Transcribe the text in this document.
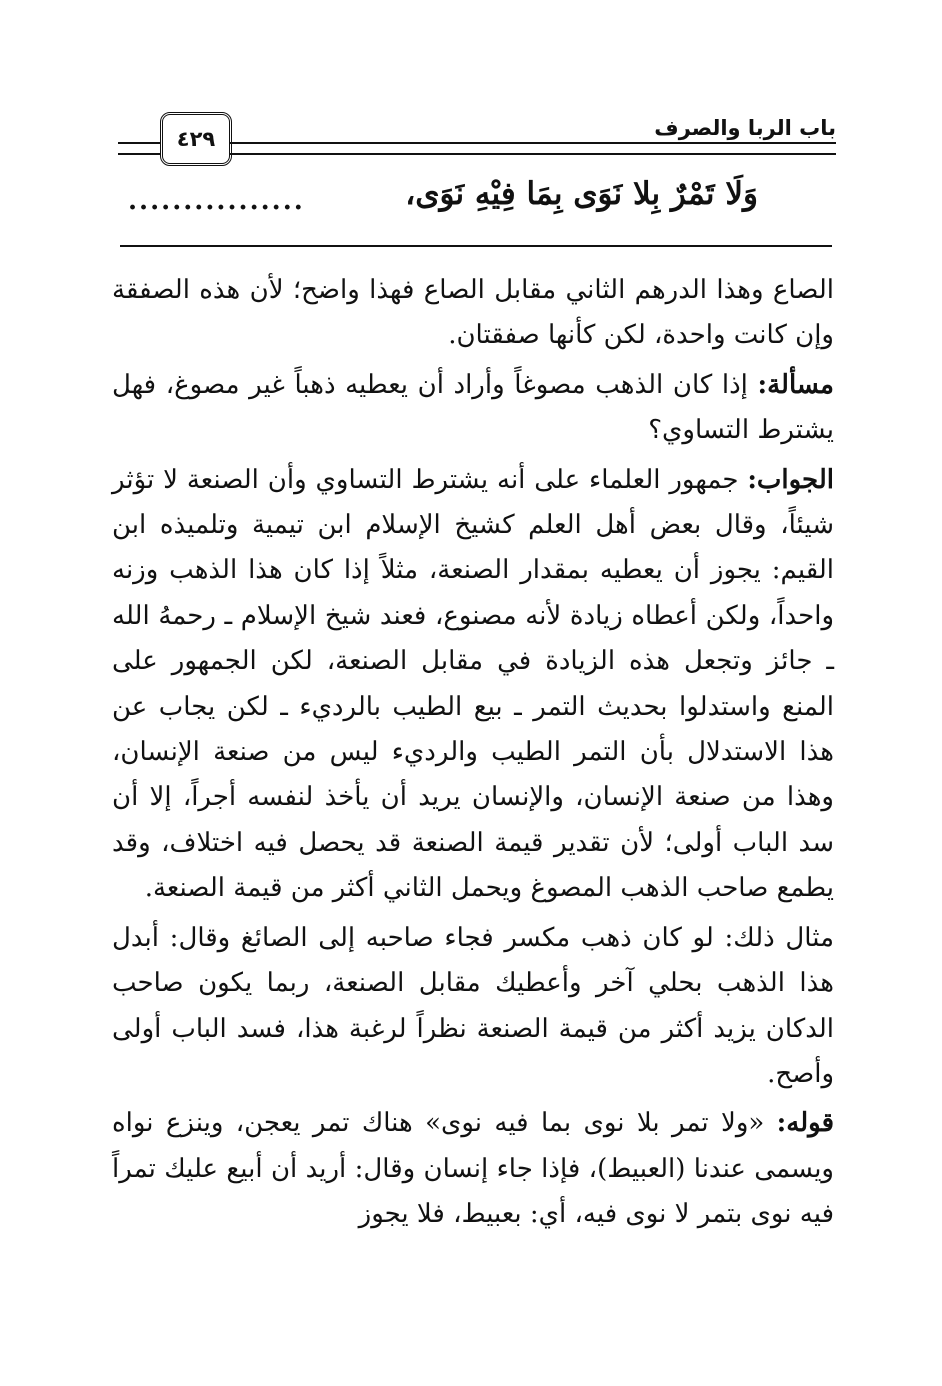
٤٢٩	باب الربا والصرف
وَلَا تَمْرٌ بِلا نَوَى بِمَا فِيْهِ نَوَى،
................

الصاع وهذا الدرهم الثاني مقابل الصاع فهذا واضح؛ لأن هذه الصفقة وإن كانت واحدة، لكن كأنها صفقتان.

مسألة: إذا كان الذهب مصوغاً وأراد أن يعطيه ذهباً غير مصوغ، فهل يشترط التساوي؟

الجواب: جمهور العلماء على أنه يشترط التساوي وأن الصنعة لا تؤثر شيئاً، وقال بعض أهل العلم كشيخ الإسلام ابن تيمية وتلميذه ابن القيم: يجوز أن يعطيه بمقدار الصنعة، مثلاً إذا كان هذا الذهب وزنه واحداً، ولكن أعطاه زيادة لأنه مصنوع، فعند شيخ الإسلام ـ رحمهُ الله ـ جائز وتجعل هذه الزيادة في مقابل الصنعة، لكن الجمهور على المنع واستدلوا بحديث التمر ـ بيع الطيب بالرديء ـ لكن يجاب عن هذا الاستدلال بأن التمر الطيب والرديء ليس من صنعة الإنسان، وهذا من صنعة الإنسان، والإنسان يريد أن يأخذ لنفسه أجراً، إلا أن سد الباب أولى؛ لأن تقدير قيمة الصنعة قد يحصل فيه اختلاف، وقد يطمع صاحب الذهب المصوغ ويحمل الثاني أكثر من قيمة الصنعة.

مثال ذلك: لو كان ذهب مكسر فجاء صاحبه إلى الصائغ وقال: أبدل هذا الذهب بحلي آخر وأعطيك مقابل الصنعة، ربما يكون صاحب الدكان يزيد أكثر من قيمة الصنعة نظراً لرغبة هذا، فسد الباب أولى وأصح.

قوله: «ولا تمر بلا نوى بما فيه نوى» هناك تمر يعجن، وينزع نواه ويسمى عندنا (العبيط)، فإذا جاء إنسان وقال: أريد أن أبيع عليك تمراً فيه نوى بتمر لا نوى فيه، أي: بعبيط، فلا يجوز
